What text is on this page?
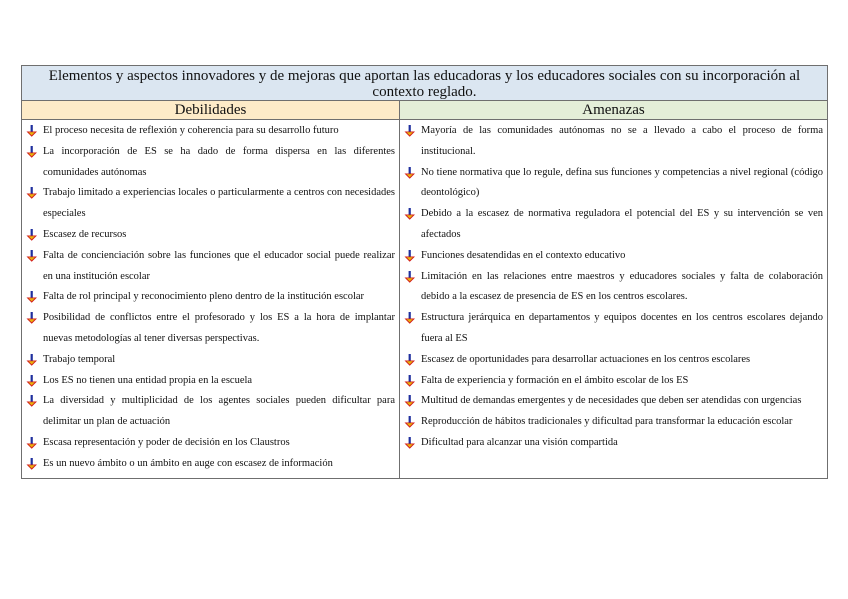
Elementos y aspectos innovadores y de mejoras que aportan las educadoras y los educadores sociales con su incorporación al contexto reglado.
Debilidades	Amenazas
El proceso necesita de reflexión y coherencia para su desarrollo futuro
La incorporación de ES se ha dado de forma dispersa en las diferentes comunidades autónomas
Trabajo limitado a experiencias locales o particularmente a centros con necesidades especiales
Escasez de recursos
Falta de concienciación sobre las funciones que el educador social puede realizar en una institución escolar
Falta de rol principal y reconocimiento pleno dentro de la institución escolar
Posibilidad de conflictos entre el profesorado y los ES a la hora de implantar nuevas metodologías al tener diversas perspectivas.
Trabajo temporal
Los ES no tienen una entidad propia en la escuela
La diversidad y multiplicidad de los agentes sociales pueden dificultar para delimitar un plan de actuación
Escasa representación y poder de decisión en los Claustros
Es un nuevo ámbito o un ámbito en auge con escasez de información
Mayoría de las comunidades autónomas no se a llevado a cabo el proceso de forma institucional.
No tiene normativa que lo regule, defina sus funciones y competencias a nivel regional (código deontológico)
Debido a la escasez de normativa reguladora el potencial del ES y su intervención se ven afectados
Funciones desatendidas en el contexto educativo
Limitación en las relaciones entre maestros y educadores sociales y falta de colaboración debido a la escasez de presencia de ES en los centros escolares.
Estructura jerárquica en departamentos y equipos docentes en los centros escolares dejando fuera al ES
Escasez de oportunidades para desarrollar actuaciones en los centros escolares
Falta de experiencia y formación en el ámbito escolar de los ES
Multitud de demandas emergentes y de necesidades que deben ser atendidas con urgencias
Reproducción de hábitos tradicionales y dificultad para transformar la educación escolar
Dificultad para alcanzar una visión compartida
